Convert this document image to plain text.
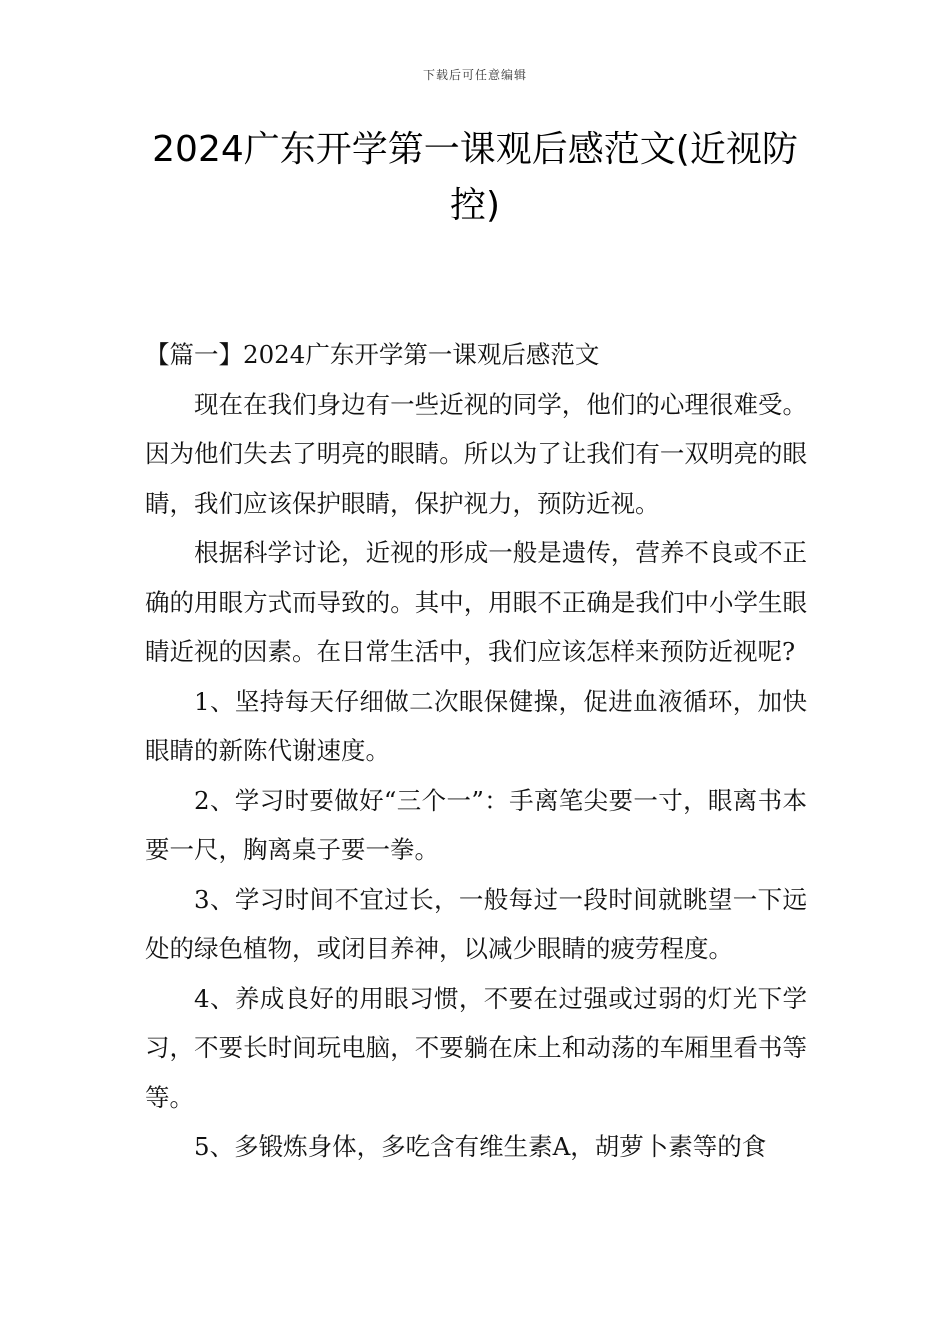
下载后可任意编辑
2024广东开学第一课观后感范文(近视防控)

【篇一】2024广东开学第一课观后感范文

现在在我们身边有一些近视的同学，他们的心理很难受。因为他们失去了明亮的眼睛。所以为了让我们有一双明亮的眼睛，我们应该保护眼睛，保护视力，预防近视。

根据科学讨论，近视的形成一般是遗传，营养不良或不正确的用眼方式而导致的。其中，用眼不正确是我们中小学生眼睛近视的因素。在日常生活中，我们应该怎样来预防近视呢?

1、坚持每天仔细做二次眼保健操，促进血液循环，加快眼睛的新陈代谢速度。

2、学习时要做好“三个一”：手离笔尖要一寸，眼离书本要一尺，胸离桌子要一拳。

3、学习时间不宜过长，一般每过一段时间就眺望一下远处的绿色植物，或闭目养神，以减少眼睛的疲劳程度。

4、养成良好的用眼习惯，不要在过强或过弱的灯光下学习，不要长时间玩电脑，不要躺在床上和动荡的车厢里看书等等。

5、多锻炼身体，多吃含有维生素A，胡萝卜素等的食
